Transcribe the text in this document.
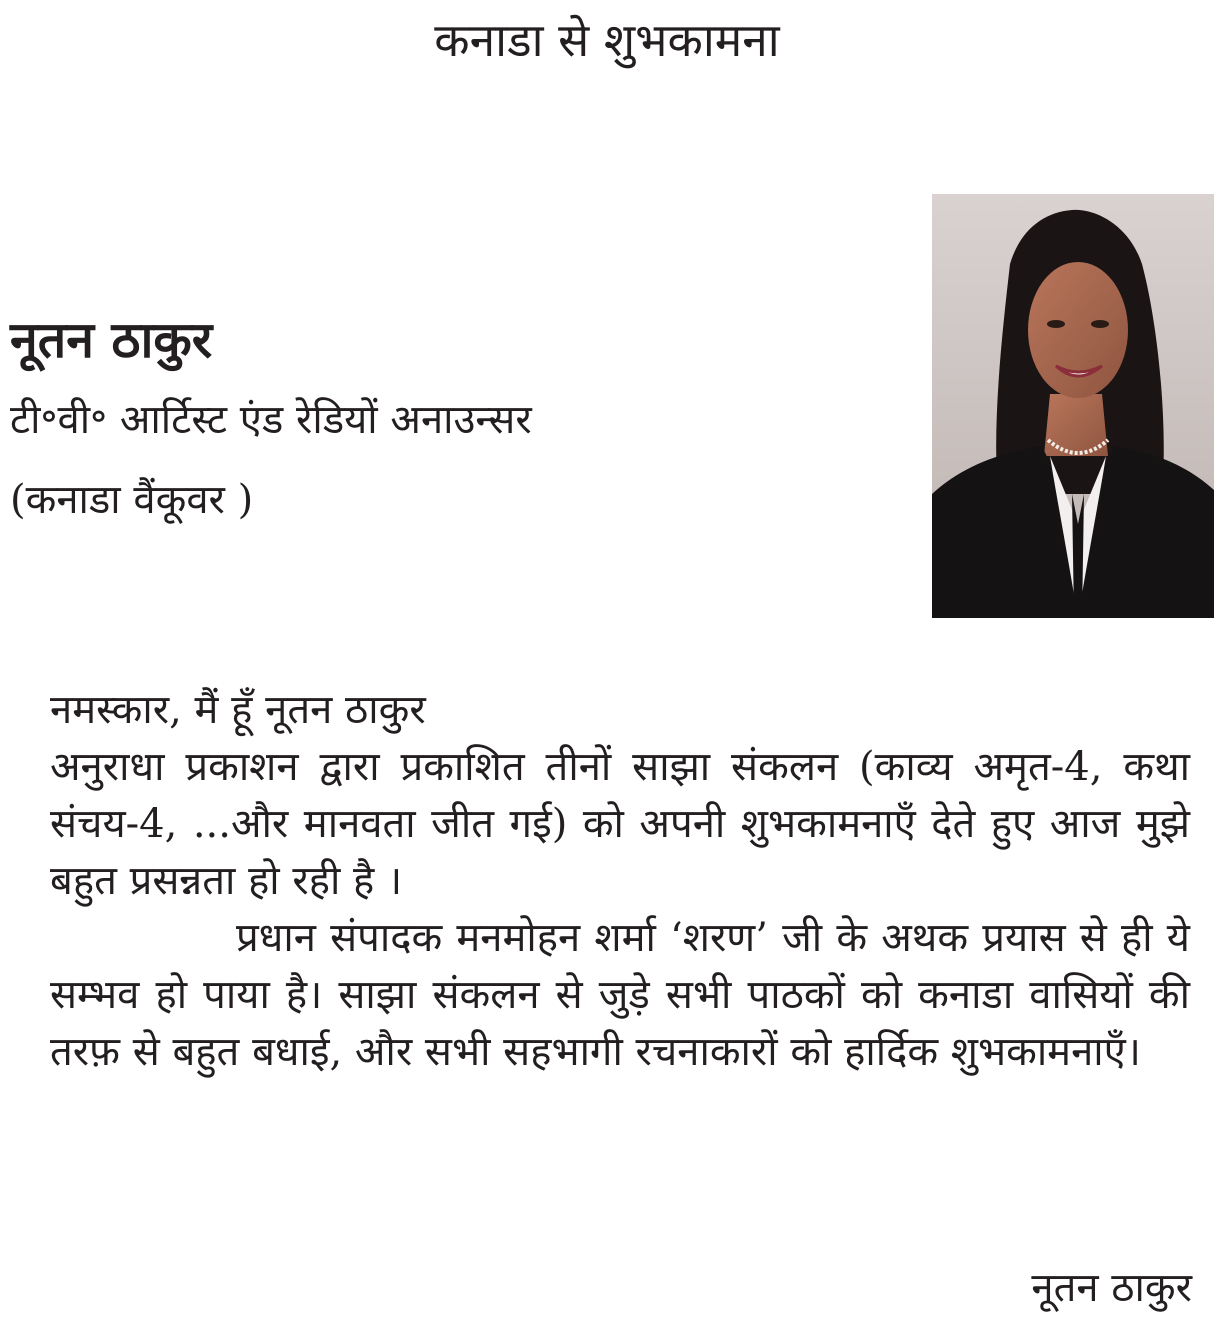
कनाडा से शुभकामना

नूतन ठाकुर

टी॰वी॰ आर्टिस्ट एंड रेडियों अनाउन्सर

(कनाडा वैंकूवर )

नमस्कार, मैं हूँ नूतन ठाकुर

अनुराधा प्रकाशन द्वारा प्रकाशित तीनों साझा संकलन (काव्य अमृत-4, कथा संचय-4, ...और मानवता जीत गई) को अपनी शुभकामनाएँ देते हुए आज मुझे बहुत प्रसन्नता हो रही है ।

प्रधान संपादक मनमोहन शर्मा ‘शरण’ जी के अथक प्रयास से ही ये सम्भव हो पाया है। साझा संकलन से जुड़े सभी पाठकों को कनाडा वासियों की तरफ़ से बहुत बधाई, और सभी सहभागी रचनाकारों को हार्दिक शुभकामनाएँ।

नूतन ठाकुर
